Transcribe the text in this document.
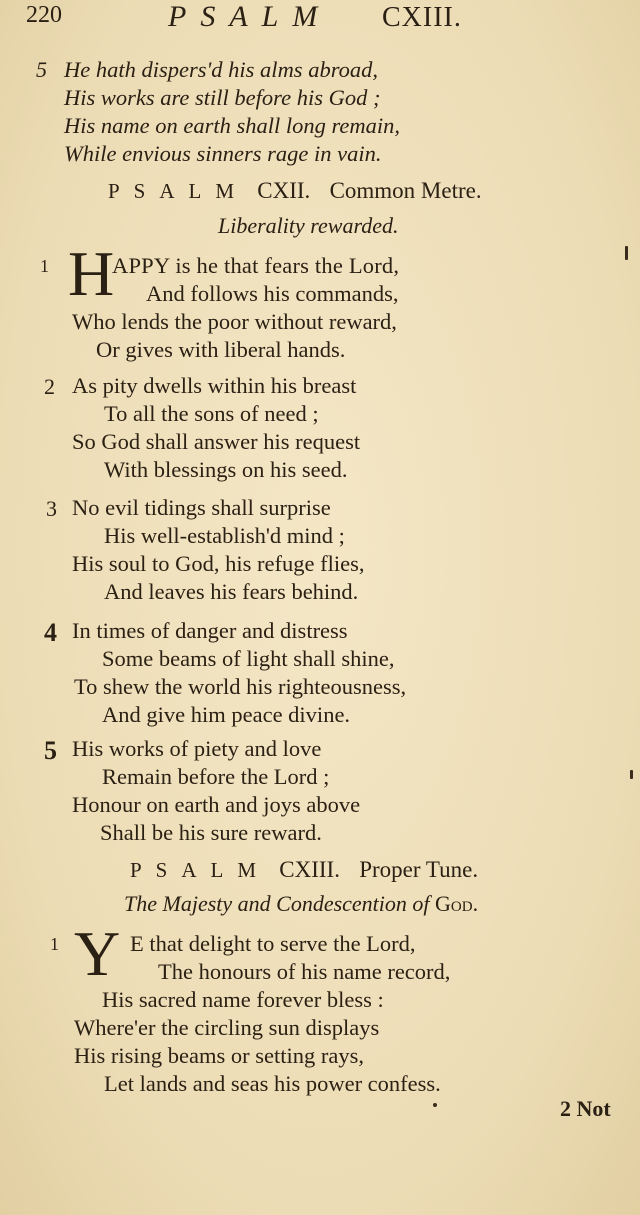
220	PSALM CXIII.
5 He hath dispers'd his alms abroad,
His works are still before his God ;
His name on earth shall long remain,
While envious sinners rage in vain.
PSALM CXII. Common Metre.
Liberality rewarded.
1 H
APPY is he that fears the Lord,
And follows his commands,
Who lends the poor without reward,
Or gives with liberal hands.
2 As pity dwells within his breast
To all the sons of need ;
So God shall answer his request
With blessings on his seed.
3 No evil tidings shall surprise
His well-establish'd mind ;
His soul to God, his refuge flies,
And leaves his fears behind.
4 In times of danger and distress
Some beams of light shall shine,
To shew the world his righteousness,
And give him peace divine.
5 His works of piety and love
Remain before the Lord ;
Honour on earth and joys above
Shall be his sure reward.
PSALM CXIII. Proper Tune.
The Majesty and Condescention of God.
1 Y E that delight to serve the Lord,
The honours of his name record,
His sacred name forever bless :
Where'er the circling sun displays
His rising beams or setting rays,
Let lands and seas his power confess.
2 Not
